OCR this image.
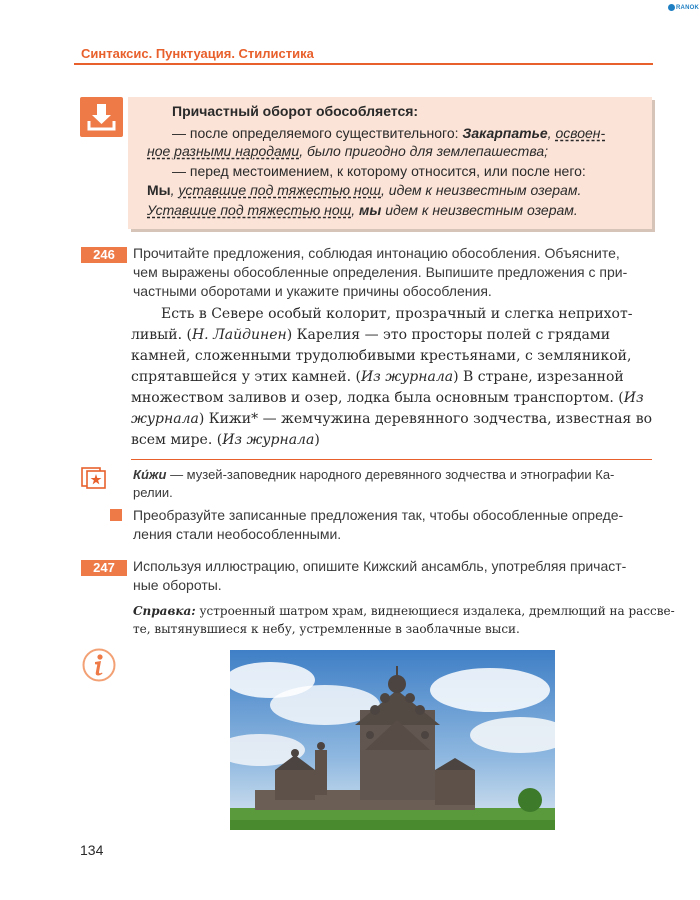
RANOK
Синтаксис. Пунктуация. Стилистика
Причастный оборот обособляется:
— после определяемого существительного: Закарпатье, освоен-
ное разными народами, было пригодно для землепашества;
— перед местоимением, к которому относится, или после него:
Мы, уставшие под тяжестью нош, идем к неизвестным озерам.
Уставшие под тяжестью нош, мы идем к неизвестным озерам.
246	Прочитайте предложения, соблюдая интонацию обособления. Объясните,
чем выражены обособленные определения. Выпишите предложения с при-
частными оборотами и укажите причины обособления.
Есть в Севере особый колорит, прозрачный и слегка неприхот-
ливый. (Н. Лайдинен) Карелия — это просторы полей с грядами
камней, сложенными трудолюбивыми крестьянами, с земляникой,
спрятавшейся у этих камней. (Из журнала) В стране, изрезанной
множеством заливов и озер, лодка была основным транспортом. (Из
журнала) Кижи* — жемчужина деревянного зодчества, известная во
всем мире. (Из журнала)
Ки́жи — музей-заповедник народного деревянного зодчества и этнографии Ка-
релии.
Преобразуйте записанные предложения так, чтобы обособленные опреде-
ления стали необособленными.
247	Используя иллюстрацию, опишите Кижский ансамбль, употребляя причаст-
ные обороты.
Справка: устроенный шатром храм, виднеющиеся издалека, дремлющий на рассве-
те, вытянувшиеся к небу, устремленные в заоблачные выси.
134
